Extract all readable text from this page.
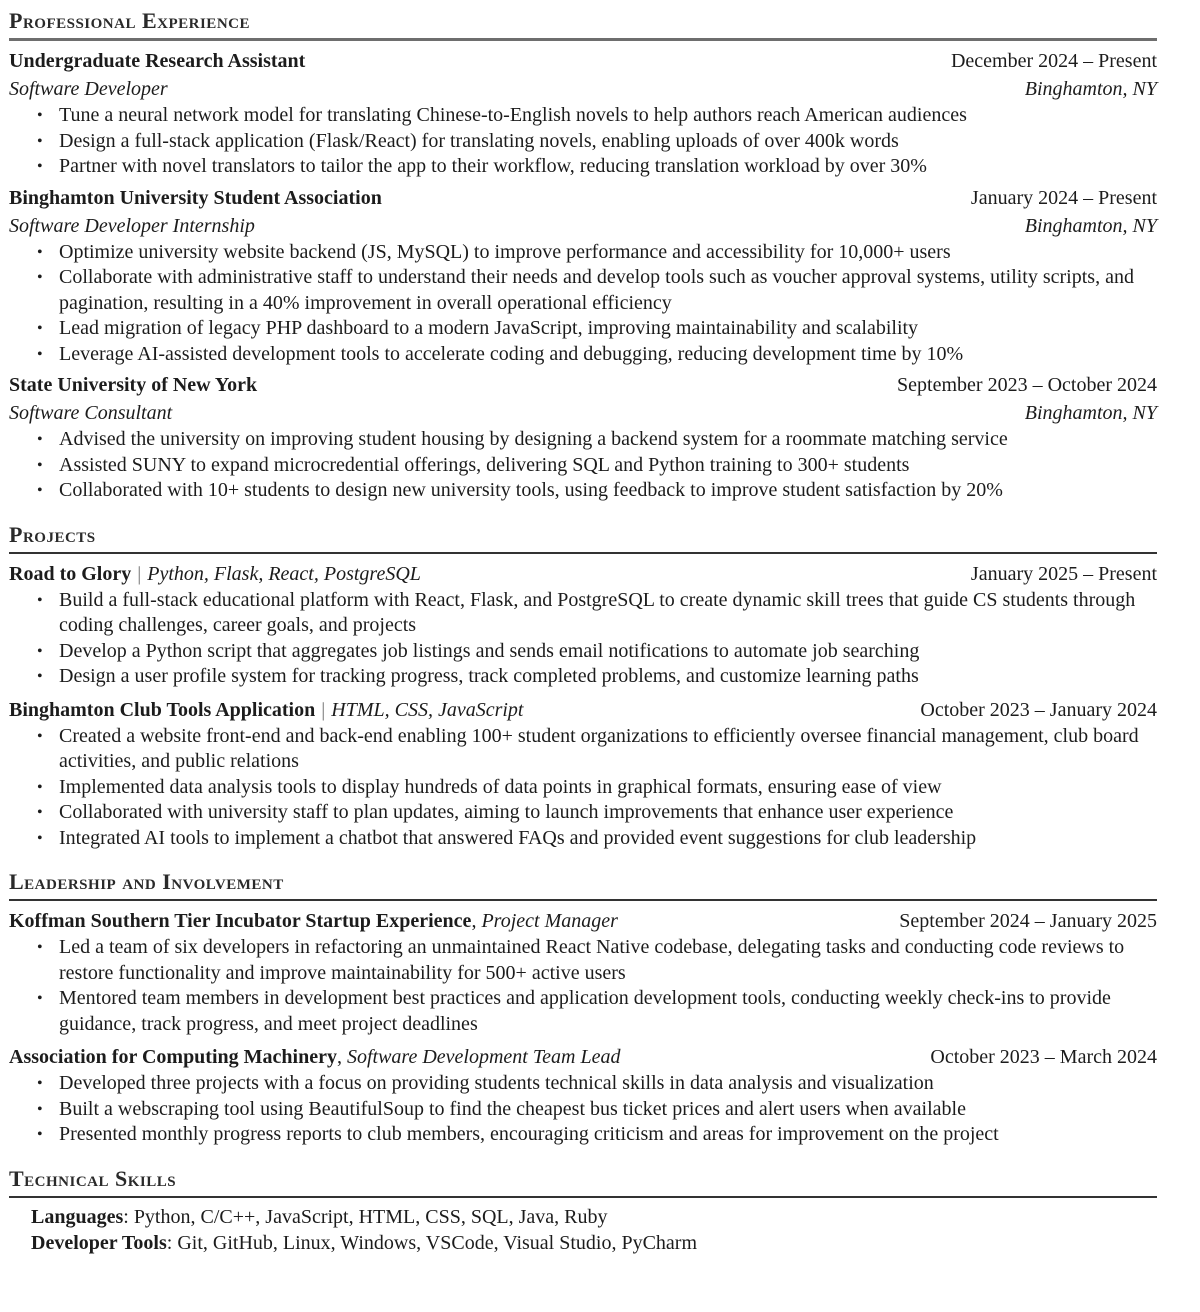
Professional Experience
Undergraduate Research Assistant	December 2024 – Present
Software Developer	Binghamton, NY
• Tune a neural network model for translating Chinese-to-English novels to help authors reach American audiences
• Design a full-stack application (Flask/React) for translating novels, enabling uploads of over 400k words
• Partner with novel translators to tailor the app to their workflow, reducing translation workload by over 30%
Binghamton University Student Association	January 2024 – Present
Software Developer Internship	Binghamton, NY
• Optimize university website backend (JS, MySQL) to improve performance and accessibility for 10,000+ users
• Collaborate with administrative staff to understand their needs and develop tools such as voucher approval systems, utility scripts, and pagination, resulting in a 40% improvement in overall operational efficiency
• Lead migration of legacy PHP dashboard to a modern JavaScript, improving maintainability and scalability
• Leverage AI-assisted development tools to accelerate coding and debugging, reducing development time by 10%
State University of New York	September 2023 – October 2024
Software Consultant	Binghamton, NY
• Advised the university on improving student housing by designing a backend system for a roommate matching service
• Assisted SUNY to expand microcredential offerings, delivering SQL and Python training to 300+ students
• Collaborated with 10+ students to design new university tools, using feedback to improve student satisfaction by 20%
Projects
Road to Glory | Python, Flask, React, PostgreSQL	January 2025 – Present
• Build a full-stack educational platform with React, Flask, and PostgreSQL to create dynamic skill trees that guide CS students through coding challenges, career goals, and projects
• Develop a Python script that aggregates job listings and sends email notifications to automate job searching
• Design a user profile system for tracking progress, track completed problems, and customize learning paths
Binghamton Club Tools Application | HTML, CSS, JavaScript	October 2023 – January 2024
• Created a website front-end and back-end enabling 100+ student organizations to efficiently oversee financial management, club board activities, and public relations
• Implemented data analysis tools to display hundreds of data points in graphical formats, ensuring ease of view
• Collaborated with university staff to plan updates, aiming to launch improvements that enhance user experience
• Integrated AI tools to implement a chatbot that answered FAQs and provided event suggestions for club leadership
Leadership and Involvement
Koffman Southern Tier Incubator Startup Experience, Project Manager	September 2024 – January 2025
• Led a team of six developers in refactoring an unmaintained React Native codebase, delegating tasks and conducting code reviews to restore functionality and improve maintainability for 500+ active users
• Mentored team members in development best practices and application development tools, conducting weekly check-ins to provide guidance, track progress, and meet project deadlines
Association for Computing Machinery, Software Development Team Lead	October 2023 – March 2024
• Developed three projects with a focus on providing students technical skills in data analysis and visualization
• Built a webscraping tool using BeautifulSoup to find the cheapest bus ticket prices and alert users when available
• Presented monthly progress reports to club members, encouraging criticism and areas for improvement on the project
Technical Skills
Languages: Python, C/C++, JavaScript, HTML, CSS, SQL, Java, Ruby
Developer Tools: Git, GitHub, Linux, Windows, VSCode, Visual Studio, PyCharm
